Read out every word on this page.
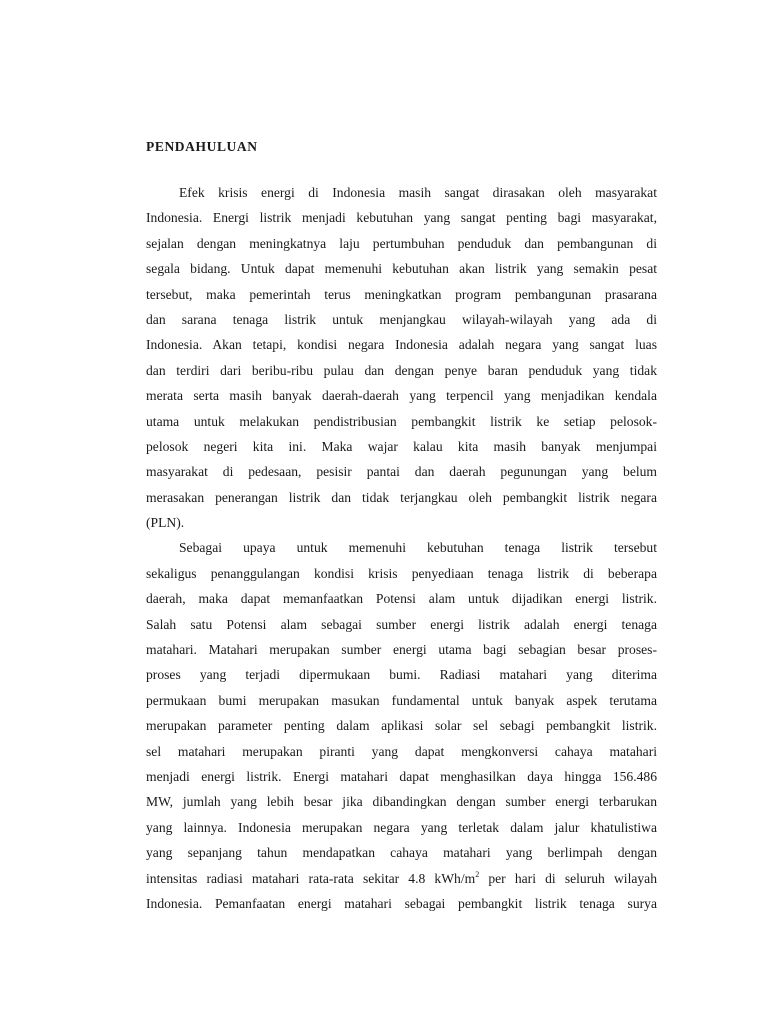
PENDAHULUAN
Efek krisis energi di Indonesia masih sangat dirasakan oleh masyarakat
Indonesia. Energi listrik menjadi kebutuhan yang sangat penting bagi masyarakat,
sejalan dengan meningkatnya laju pertumbuhan penduduk dan pembangunan di
segala bidang. Untuk dapat memenuhi kebutuhan akan listrik yang semakin pesat
tersebut, maka pemerintah terus meningkatkan program pembangunan prasarana
dan sarana tenaga listrik untuk menjangkau wilayah-wilayah yang ada di
Indonesia. Akan tetapi, kondisi negara Indonesia adalah negara yang sangat luas
dan terdiri dari beribu-ribu pulau dan dengan penye baran penduduk yang tidak
merata serta masih banyak daerah-daerah yang terpencil yang menjadikan kendala
utama untuk melakukan pendistribusian pembangkit listrik ke setiap pelosok-
pelosok negeri kita ini. Maka wajar kalau kita masih banyak menjumpai
masyarakat di pedesaan, pesisir pantai dan daerah pegunungan yang belum
merasakan penerangan listrik dan tidak terjangkau oleh pembangkit listrik negara
(PLN).
Sebagai upaya untuk memenuhi kebutuhan tenaga listrik tersebut
sekaligus penanggulangan kondisi krisis penyediaan tenaga listrik di beberapa
daerah, maka dapat memanfaatkan Potensi alam untuk dijadikan energi listrik.
Salah satu Potensi alam sebagai sumber energi listrik adalah energi tenaga
matahari. Matahari merupakan sumber energi utama bagi sebagian besar proses-
proses yang terjadi dipermukaan bumi. Radiasi matahari yang diterima
permukaan bumi merupakan masukan fundamental untuk banyak aspek terutama
merupakan parameter penting dalam aplikasi solar sel sebagi pembangkit listrik.
sel matahari merupakan piranti yang dapat mengkonversi cahaya matahari
menjadi energi listrik. Energi matahari dapat menghasilkan daya hingga 156.486
MW, jumlah yang lebih besar jika dibandingkan dengan sumber energi terbarukan
yang lainnya. Indonesia merupakan negara yang terletak dalam jalur khatulistiwa
yang sepanjang tahun mendapatkan cahaya matahari yang berlimpah dengan
intensitas radiasi matahari rata-rata sekitar 4.8 kWh/$m^2$ per hari di seluruh wilayah
Indonesia. Pemanfaatan energi matahari sebagai pembangkit listrik tenaga surya
